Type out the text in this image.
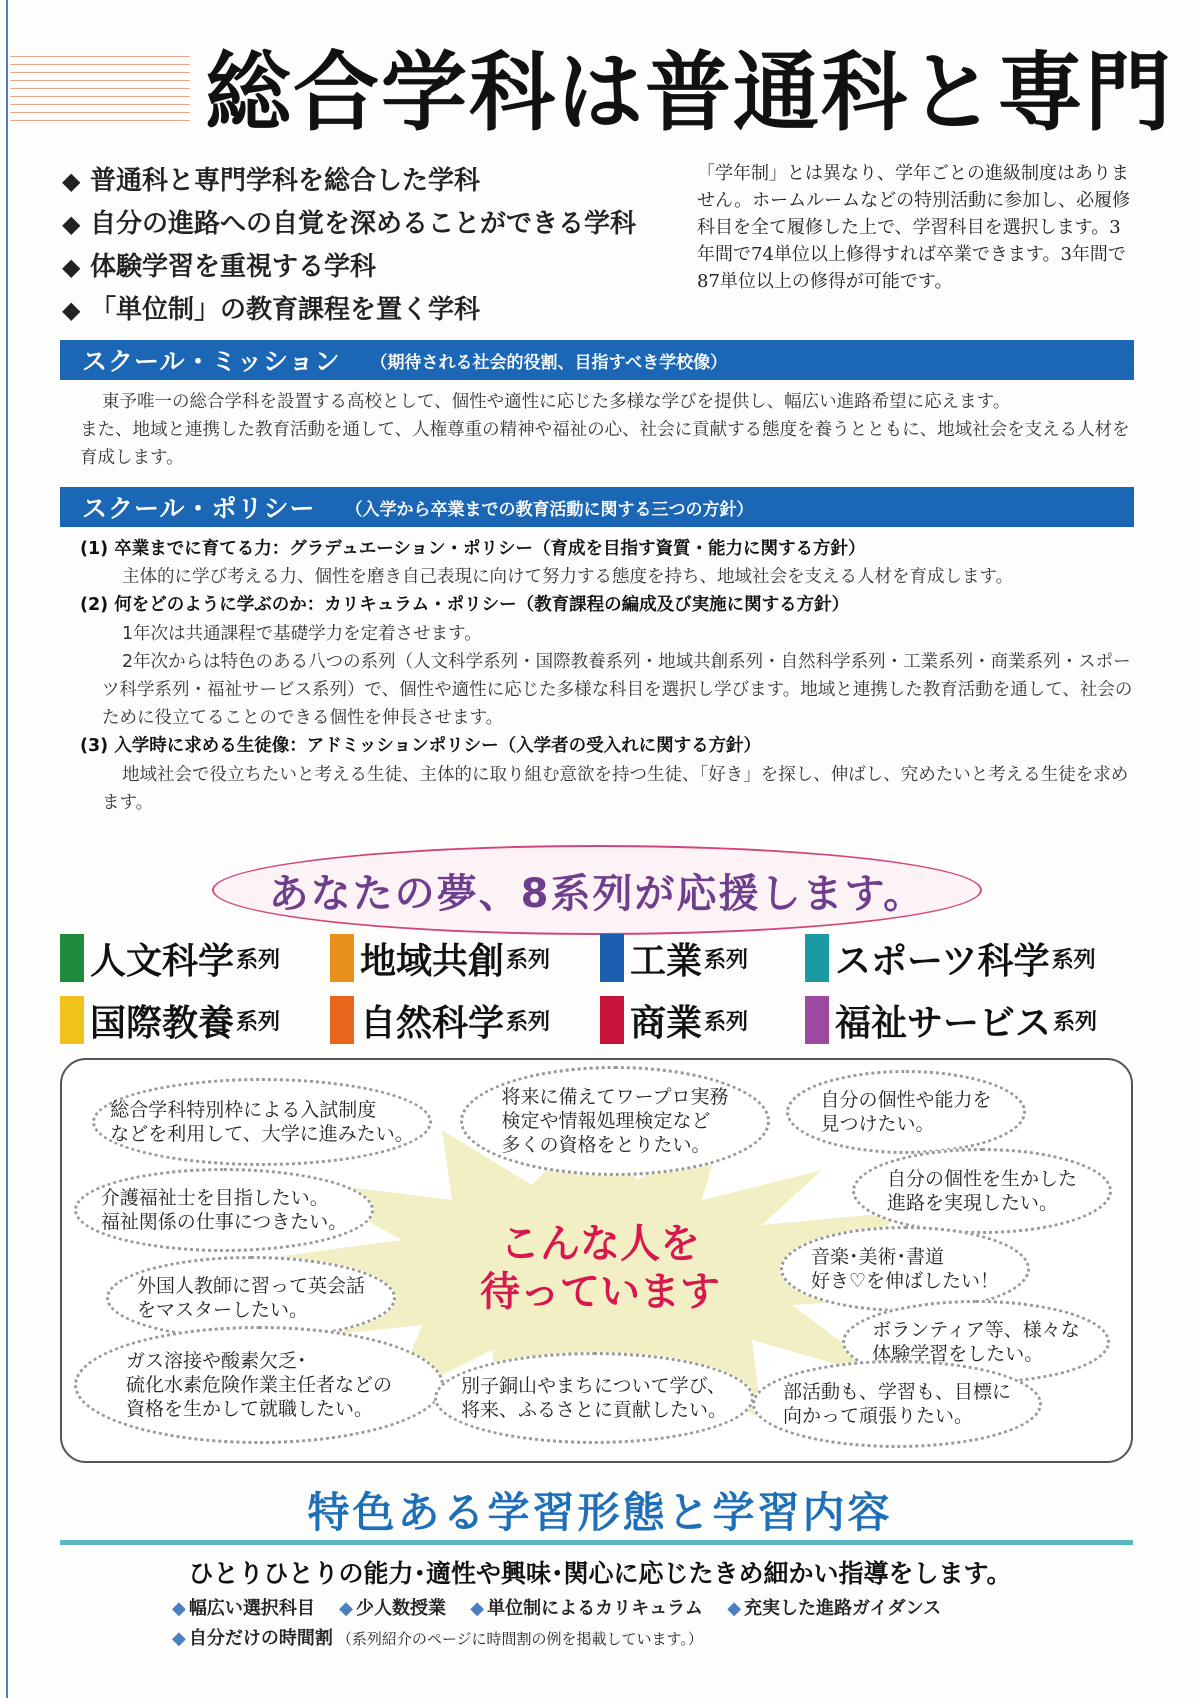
総合学科は普通科と専門
◆ 普通科と専門学科を総合した学科
◆ 自分の進路への自覚を深めることができる学科
◆ 体験学習を重視する学科
◆ 「単位制」の教育課程を置く学科
「学年制」とは異なり、学年ごとの進級制度はありません。ホームルームなどの特別活動に参加し、必履修科目を全て履修した上で、学習科目を選択します。3年間で74単位以上修得すれば卒業できます。3年間で87単位以上の修得が可能です。
スクール・ミッション （期待される社会的役割、目指すべき学校像）
東予唯一の総合学科を設置する高校として、個性や適性に応じた多様な学びを提供し、幅広い進路希望に応えます。
また、地域と連携した教育活動を通して、人権尊重の精神や福祉の心、社会に貢献する態度を養うとともに、地域社会を支える人材を育成します。
スクール・ポリシー （入学から卒業までの教育活動に関する三つの方針）
(1) 卒業までに育てる力：グラデュエーション・ポリシー（育成を目指す資質・能力に関する方針）
主体的に学び考える力、個性を磨き自己表現に向けて努力する態度を持ち、地域社会を支える人材を育成します。
(2) 何をどのように学ぶのか：カリキュラム・ポリシー（教育課程の編成及び実施に関する方針）
1年次は共通課程で基礎学力を定着させます。
2年次からは特色のある八つの系列（人文科学系列・国際教養系列・地域共創系列・自然科学系列・工業系列・商業系列・スポーツ科学系列・福祉サービス系列）で、個性や適性に応じた多様な科目を選択し学びます。地域と連携した教育活動を通して、社会のために役立てることのできる個性を伸長させます。
(3) 入学時に求める生徒像：アドミッションポリシー（入学者の受入れに関する方針）
地域社会で役立ちたいと考える生徒、主体的に取り組む意欲を持つ生徒、「好き」を探し、伸ばし、究めたいと考える生徒を求めます。
あなたの夢、8系列が応援します。
人文科学 系列 地域共創 系列 工業 系列 スポーツ科学 系列
国際教養 系列 自然科学 系列 商業 系列 福祉サービス 系列
総合学科特別枠による入試制度
などを利用して、大学に進みたい。
将来に備えてワープロ実務
検定や情報処理検定など
多くの資格をとりたい。
自分の個性や能力を
見つけたい。
介護福祉士を目指したい。
福祉関係の仕事につきたい。
自分の個性を生かした
進路を実現したい。
外国人教師に習って英会話
をマスターしたい。
音楽･美術･書道
好き♡を伸ばしたい！
ボランティア等、様々な
体験学習をしたい。
ガス溶接や酸素欠乏･
硫化水素危険作業主任者などの
資格を生かして就職したい。
別子銅山やまちについて学び、
将来、ふるさとに貢献したい。
部活動も、学習も、目標に
向かって頑張りたい。
こんな人を
待っています
特色ある学習形態と学習内容
ひとりひとりの能力･適性や興味･関心に応じたきめ細かい指導をします。
◆ 幅広い選択科目 ◆ 少人数授業 ◆ 単位制によるカリキュラム ◆ 充実した進路ガイダンス
◆ 自分だけの時間割 （系列紹介のページに時間割の例を掲載しています。）
